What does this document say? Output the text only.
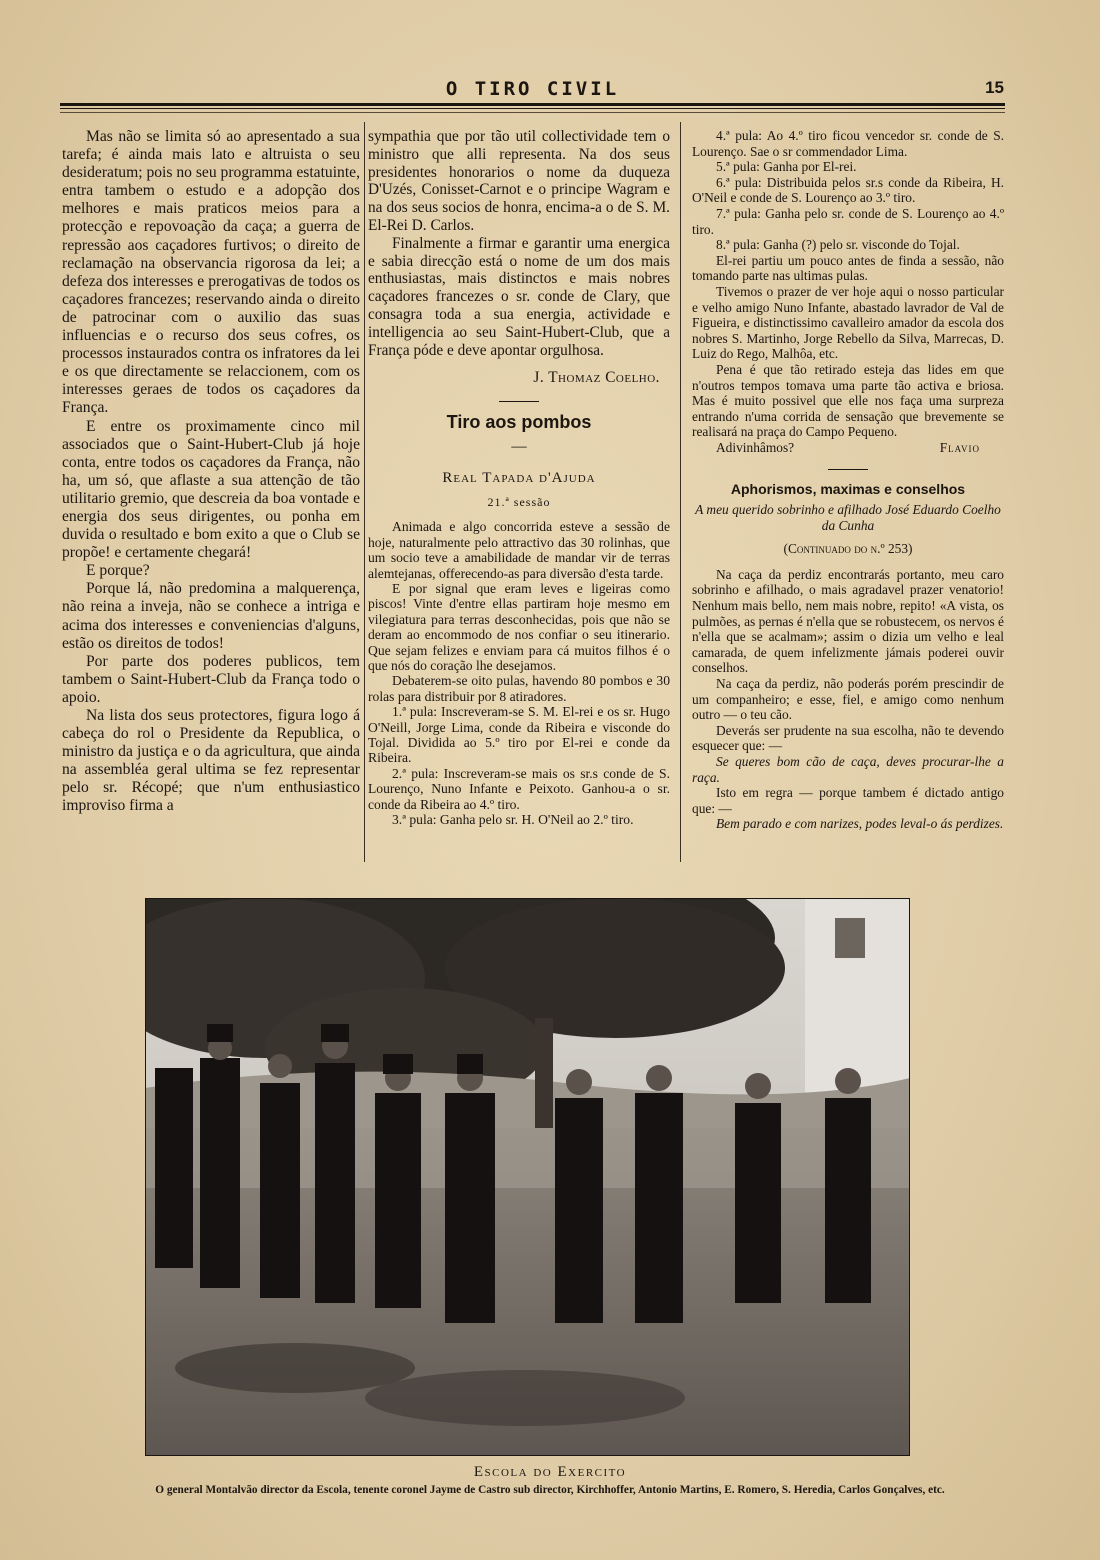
O TIRO CIVIL	15

Mas não se limita só ao apresentado a sua tarefa; é ainda mais lato e altruista o seu desideratum; pois no seu programma estatuinte, entra tambem o estudo e a adopção dos melhores e mais praticos meios para a protecção e repovoação da caça; a guerra de repressão aos caçadores furtivos; o direito de reclamação na observancia rigorosa da lei; a defeza dos interesses e prerogativas de todos os caçadores francezes; reservando ainda o direito de patrocinar com o auxilio das suas influencias e o recurso dos seus cofres, os processos instaurados contra os infratores da lei e os que directamente se relaccionem, com os interesses geraes de todos os caçadores da França.

E entre os proximamente cinco mil associados que o Saint-Hubert-Club já hoje conta, entre todos os caçadores da França, não ha, um só, que aflaste a sua attenção de tão utilitario gremio, que descreia da boa vontade e energia dos seus dirigentes, ou ponha em duvida o resultado e bom exito a que o Club se propõe! e certamente chegará!

E porque?

Porque lá, não predomina a malquerença, não reina a inveja, não se conhece a intriga e acima dos interesses e conveniencias d'alguns, estão os direitos de todos!

Por parte dos poderes publicos, tem tambem o Saint-Hubert-Club da França todo o apoio.

Na lista dos seus protectores, figura logo á cabeça do rol o Presidente da Republica, o ministro da justiça e o da agricultura, que ainda na assembléa geral ultima se fez representar pelo sr. Récopé; que n'um enthusiastico improviso firma a

sympathia que por tão util collectividade tem o ministro que alli representa. Na dos seus presidentes honorarios o nome da duqueza D'Uzés, Conisset-Carnot e o principe Wagram e na dos seus socios de honra, encima-a o de S. M. El-Rei D. Carlos.

Finalmente a firmar e garantir uma energica e sabia direcção está o nome de um dos mais enthusiastas, mais distinctos e mais nobres caçadores francezes o sr. conde de Clary, que consagra toda a sua energia, actividade e intelligencia ao seu Saint-Hubert-Club, que a França póde e deve apontar orgulhosa.

J. Thomaz Coelho.

Tiro aos pombos
—
Real Tapada d'Ajuda
21.ª sessão

Animada e algo concorrida esteve a sessão de hoje, naturalmente pelo attractivo das 30 rolinhas, que um socio teve a amabilidade de mandar vir de terras alemtejanas, offerecendo-as para diversão d'esta tarde.

E por signal que eram leves e ligeiras como piscos! Vinte d'entre ellas partiram hoje mesmo em vilegiatura para terras desconhecidas, pois que não se deram ao encommodo de nos confiar o seu itinerario. Que sejam felizes e enviam para cá muitos filhos é o que nós do coração lhe desejamos.

Debaterem-se oito pulas, havendo 80 pombos e 30 rolas para distribuir por 8 atiradores.

1.ª pula: Inscreveram-se S. M. El-rei e os sr. Hugo O'Neill, Jorge Lima, conde da Ribeira e visconde do Tojal. Dividida ao 5.º tiro por El-rei e conde da Ribeira.

2.ª pula: Inscreveram-se mais os sr.s conde de S. Lourenço, Nuno Infante e Peixoto. Ganhou-a o sr. conde da Ribeira ao 4.º tiro.

3.ª pula: Ganha pelo sr. H. O'Neil ao 2.º tiro.

4.ª pula: Ao 4.º tiro ficou vencedor sr. conde de S. Lourenço. Sae o sr commendador Lima.

5.ª pula: Ganha por El-rei.

6.ª pula: Distribuida pelos sr.s conde da Ribeira, H. O'Neil e conde de S. Lourenço ao 3.º tiro.

7.ª pula: Ganha pelo sr. conde de S. Lourenço ao 4.º tiro.

8.ª pula: Ganha (?) pelo sr. visconde do Tojal.

El-rei partiu um pouco antes de finda a sessão, não tomando parte nas ultimas pulas.

Tivemos o prazer de ver hoje aqui o nosso particular e velho amigo Nuno Infante, abastado lavrador de Val de Figueira, e distinctissimo cavalleiro amador da escola dos nobres S. Martinho, Jorge Rebello da Silva, Marrecas, D. Luiz do Rego, Malhôa, etc.

Pena é que tão retirado esteja das lides em que n'outros tempos tomava uma parte tão activa e briosa. Mas é muito possivel que elle nos faça uma surpreza entrando n'uma corrida de sensação que brevemente se realisará na praça do Campo Pequeno.

Adivinhâmos?	Flavio

Aphorismos, maximas e conselhos

A meu querido sobrinho e afilhado José Eduardo Coelho da Cunha

(Continuado do n.º 253)

Na caça da perdiz encontrarás portanto, meu caro sobrinho e afilhado, o mais agradavel prazer venatorio! Nenhum mais bello, nem mais nobre, repito! «A vista, os pulmões, as pernas é n'ella que se robustecem, os nervos é n'ella que se acalmam»; assim o dizia um velho e leal camarada, de quem infelizmente jámais poderei ouvir conselhos.

Na caça da perdiz, não poderás porém prescindir de um companheiro; e esse, fiel, e amigo como nenhum outro — o teu cão.

Deverás ser prudente na sua escolha, não te devendo esquecer que: —

Se queres bom cão de caça, deves procurar-lhe a raça.

Isto em regra — porque tambem é dictado antigo que: —

Bem parado e com narizes, podes leval-o ás perdizes.

Escola do Exercito
O general Montalvão director da Escola, tenente coronel Jayme de Castro sub director, Kirchhoffer, Antonio Martins, E. Romero, S. Heredia, Carlos Gonçalves, etc.
